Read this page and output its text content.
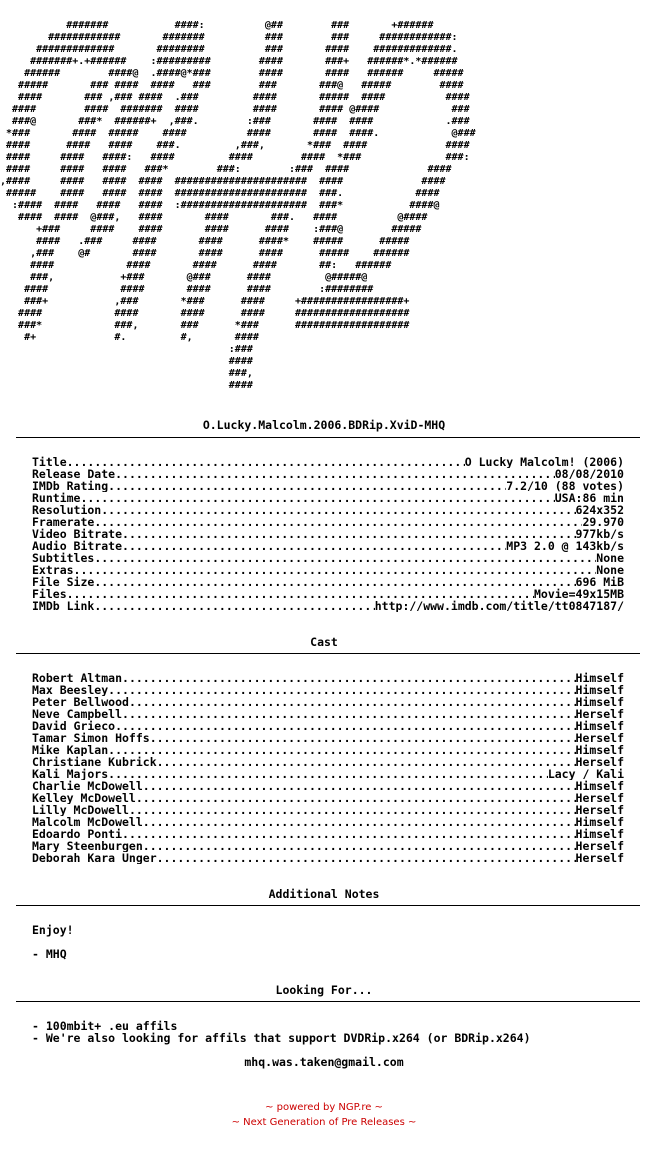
#######           ####:          @##        ###       +######
############       #######          ###        ###     ############:
#############       ########          ###       ####    #############.
#######+.+######    :#########        ####       ###+   ######*.*######
######        ####@  .####@*###        ####       ####   ######     #####
#####       ### ####  ####   ###        ###       ###@   #####        ####
####       ### ,### ####  .###         ####       #####  ####          ####
####        ####  #######  ####         ####       #### @####            ###
###@       ###*  ######+  ,###.        :###       ####  ####            .###
*###       ####  #####    ####          ####       ####  ####.            @###
####      ####   ####    ###.         ,###,       *###  ####             ####
####     ####   ####:   ####         ####        ####  *###              ###:
####     ####   ####   ###*        ###:        :###  ####             ####
,####     ####   ####  ####  ######################  ####             ####
#####    ####   ####  ####  ######################  ###.            ####
:####  ####   ####   ####  :#####################  ###*           ####@
####  ####  @###,   ####       ####       ###.   ####          @####
+###     ####    ####       ####      ####    :###@        #####
####   .###     ####       ####      ####*    #####      #####
,###    @#       ####       ####      ####      #####    ######
####            ####       ####      ####       ##:   ######
###,           +###       @###      ####         @#####@
####            ####       ####      ####        :########
###+           ,###       *###      ####     +#################+
####            ####       ####      ####     ###################
###*            ###,       ###      *###      ###################
#+             #.         #,       ####
:###
####
###,
####
O.Lucky.Malcolm.2006.BDRip.XviD-MHQ
Title .....	O Lucky Malcolm! (2006)
Release Date .....	08/08/2010
IMDb Rating .....	7.2/10 (88 votes)
Runtime .....	USA:86 min
Resolution .....	624x352
Framerate .....	29.970
Video Bitrate .....	977kb/s
Audio Bitrate .....	MP3 2.0 @ 143kb/s
Subtitles .....	None
Extras .....	None
File Size .....	696 MiB
Files .....	Movie=49x15MB
IMDb Link .....	http://www.imdb.com/title/tt0847187/
Cast
Robert Altman .....	Himself
Max Beesley .....	Himself
Peter Bellwood .....	Himself
Neve Campbell .....	Herself
David Grieco .....	Himself
Tamar Simon Hoffs .....	Herself
Mike Kaplan .....	Himself
Christiane Kubrick .....	Herself
Kali Majors .....	Lacy / Kali
Charlie McDowell .....	Himself
Kelley McDowell .....	Herself
Lilly McDowell .....	Herself
Malcolm McDowell .....	Himself
Edoardo Ponti .....	Himself
Mary Steenburgen .....	Herself
Deborah Kara Unger .....	Herself
Additional Notes
Enjoy!
- MHQ
Looking For...
- 100mbit+ .eu affils
- We're also looking for affils that support DVDRip.x264 (or BDRip.x264)
mhq.was.taken@gmail.com
~ powered by NGP.re ~
~ Next Generation of Pre Releases ~
